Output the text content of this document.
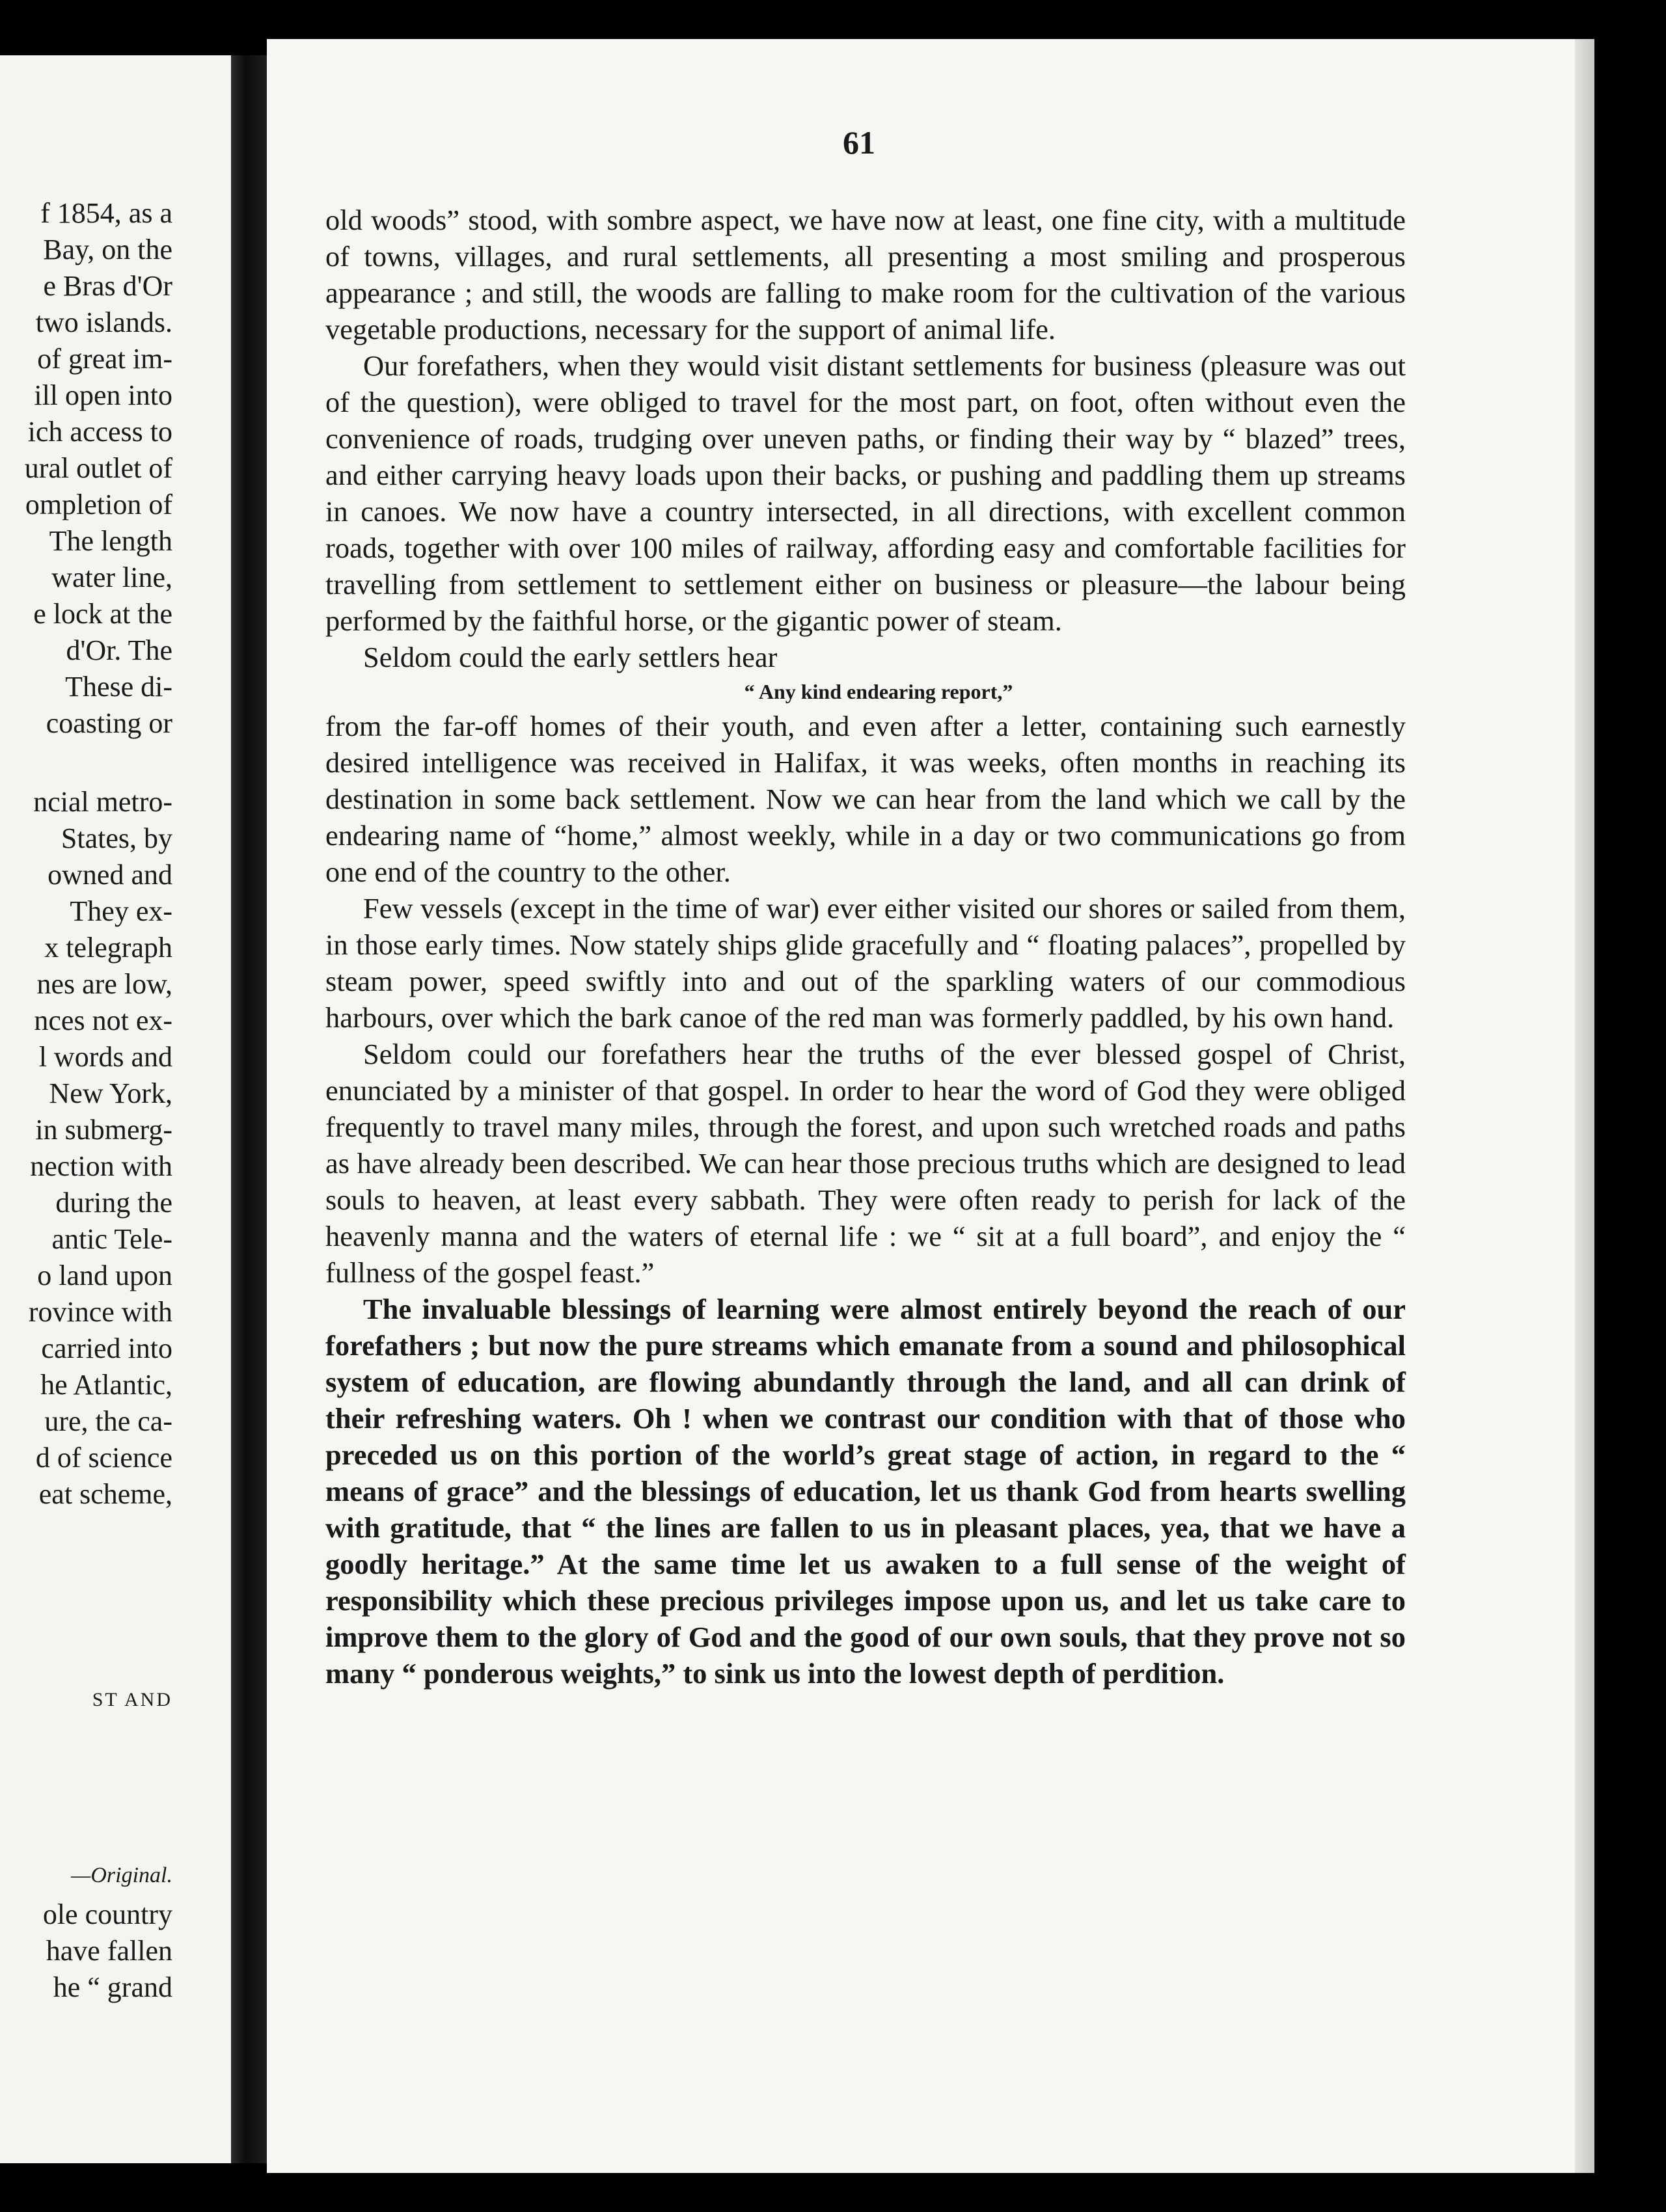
f 1854, as a
Bay, on the
e Bras d'Or
two islands.
of great im-
ill open into
ich access to
ural outlet of
ompletion of
The length
water line,
e lock at the
d'Or. The
These di-
coasting or
ncial metro-
States, by
owned and
They ex-
x telegraph
nes are low,
nces not ex-
l words and
New York,
in submerg-
nection with
during the
antic Tele-
o land upon
rovince with
carried into
he Atlantic,
ure, the ca-
d of science
eat scheme,
ST AND
—Original.
ole country
have fallen
he “ grand
61

old woods” stood, with sombre aspect, we have now at least, one fine city, with a multitude of towns, villages, and rural settlements, all presenting a most smiling and prosperous appearance ; and still, the woods are falling to make room for the cultivation of the various vegetable productions, necessary for the support of animal life.

Our forefathers, when they would visit distant settlements for business (pleasure was out of the question), were obliged to travel for the most part, on foot, often without even the convenience of roads, trudging over uneven paths, or finding their way by “ blazed” trees, and either carrying heavy loads upon their backs, or pushing and paddling them up streams in canoes. We now have a country intersected, in all directions, with excellent common roads, together with over 100 miles of railway, affording easy and comfortable facilities for travelling from settlement to settlement either on business or pleasure—the labour being performed by the faithful horse, or the gigantic power of steam.

Seldom could the early settlers hear

“ Any kind endearing report,”

from the far-off homes of their youth, and even after a letter, containing such earnestly desired intelligence was received in Halifax, it was weeks, often months in reaching its destination in some back settlement. Now we can hear from the land which we call by the endearing name of “home,” almost weekly, while in a day or two communications go from one end of the country to the other.

Few vessels (except in the time of war) ever either visited our shores or sailed from them, in those early times. Now stately ships glide gracefully and “ floating palaces”, propelled by steam power, speed swiftly into and out of the sparkling waters of our commodious harbours, over which the bark canoe of the red man was formerly paddled, by his own hand.

Seldom could our forefathers hear the truths of the ever blessed gospel of Christ, enunciated by a minister of that gospel. In order to hear the word of God they were obliged frequently to travel many miles, through the forest, and upon such wretched roads and paths as have already been described. We can hear those precious truths which are designed to lead souls to heaven, at least every sabbath. They were often ready to perish for lack of the heavenly manna and the waters of eternal life : we “ sit at a full board”, and enjoy the “ fullness of the gospel feast.”

The invaluable blessings of learning were almost entirely beyond the reach of our forefathers ; but now the pure streams which emanate from a sound and philosophical system of education, are flowing abundantly through the land, and all can drink of their refreshing waters. Oh ! when we contrast our condition with that of those who preceded us on this portion of the world’s great stage of action, in regard to the “ means of grace” and the blessings of education, let us thank God from hearts swelling with gratitude, that “ the lines are fallen to us in pleasant places, yea, that we have a goodly heritage.” At the same time let us awaken to a full sense of the weight of responsibility which these precious privileges impose upon us, and let us take care to improve them to the glory of God and the good of our own souls, that they prove not so many “ ponderous weights,” to sink us into the lowest depth of perdition.
